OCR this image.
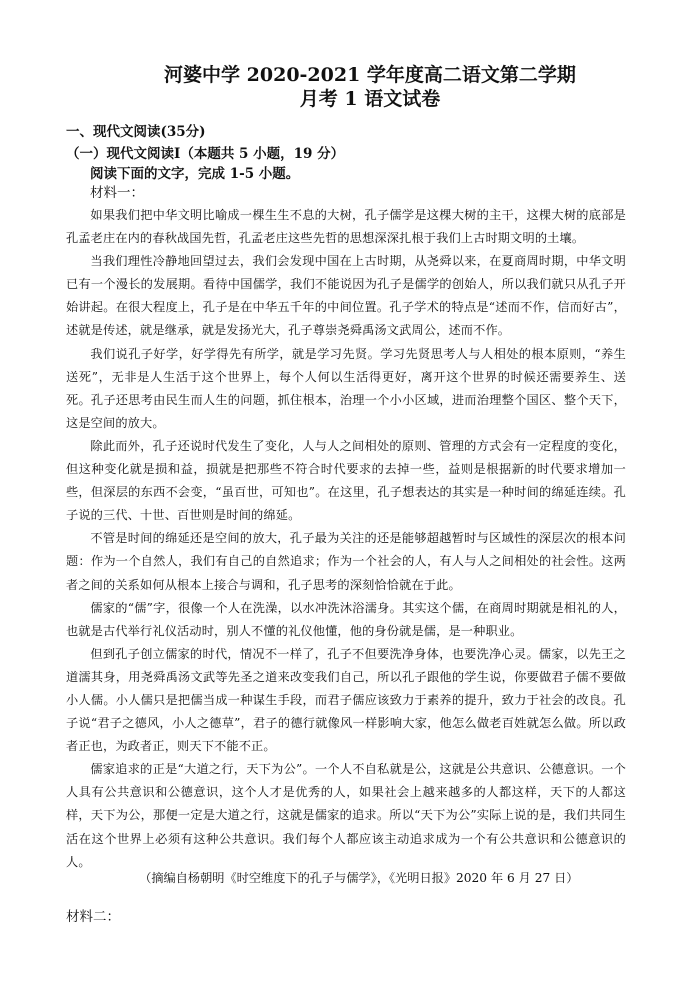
河婆中学 2020-2021 学年度高二语文第二学期
月考 1 语文试卷
一、现代文阅读(35分)
（一）现代文阅读Ⅰ（本题共 5 小题，19 分）
阅读下面的文字，完成 1-5 小题。
材料一：

如果我们把中华文明比喻成一棵生生不息的大树，孔子儒学是这棵大树的主干，这棵大树的底部是孔孟老庄在内的春秋战国先哲，孔孟老庄这些先哲的思想深深扎根于我们上古时期文明的土壤。

当我们理性冷静地回望过去，我们会发现中国在上古时期，从尧舜以来，在夏商周时期，中华文明已有一个漫长的发展期。看待中国儒学，我们不能说因为孔子是儒学的创始人，所以我们就只从孔子开始讲起。在很大程度上，孔子是在中华五千年的中间位置。孔子学术的特点是“述而不作，信而好古”，述就是传述，就是继承，就是发扬光大，孔子尊崇尧舜禹汤文武周公，述而不作。

我们说孔子好学，好学得先有所学，就是学习先贤。学习先贤思考人与人相处的根本原则，“养生送死”，无非是人生活于这个世界上，每个人何以生活得更好，离开这个世界的时候还需要养生、送死。孔子还思考由民生而人生的问题，抓住根本，治理一个小小区域，进而治理整个国区、整个天下，这是空间的放大。

除此而外，孔子还说时代发生了变化，人与人之间相处的原则、管理的方式会有一定程度的变化，但这种变化就是损和益，损就是把那些不符合时代要求的去掉一些，益则是根据新的时代要求增加一些，但深层的东西不会变，“虽百世，可知也”。在这里，孔子想表达的其实是一种时间的绵延连续。孔子说的三代、十世、百世则是时间的绵延。

不管是时间的绵延还是空间的放大，孔子最为关注的还是能够超越暂时与区域性的深层次的根本问题：作为一个自然人，我们有自己的自然追求；作为一个社会的人，有人与人之间相处的社会性。这两者之间的关系如何从根本上接合与调和，孔子思考的深刻恰恰就在于此。

儒家的“儒”字，很像一个人在洗澡，以水冲洗沐浴濡身。其实这个儒，在商周时期就是相礼的人，也就是古代举行礼仪活动时，别人不懂的礼仪他懂，他的身份就是儒，是一种职业。

但到孔子创立儒家的时代，情况不一样了，孔子不但要洗净身体，也要洗净心灵。儒家，以先王之道濡其身，用尧舜禹汤文武等先圣之道来改变我们自己，所以孔子跟他的学生说，你要做君子儒不要做小人儒。小人儒只是把儒当成一种谋生手段，而君子儒应该致力于素养的提升，致力于社会的改良。孔子说“君子之德风，小人之德草”，君子的德行就像风一样影响大家，他怎么做老百姓就怎么做。所以政者正也，为政者正，则天下不能不正。

儒家追求的正是“大道之行，天下为公”。一个人不自私就是公，这就是公共意识、公德意识。一个人具有公共意识和公德意识，这个人才是优秀的人，如果社会上越来越多的人都这样，天下的人都这样，天下为公，那便一定是大道之行，这就是儒家的追求。所以“天下为公”实际上说的是，我们共同生活在这个世界上必须有这种公共意识。我们每个人都应该主动追求成为一个有公共意识和公德意识的人。

（摘编自杨朝明《时空维度下的孔子与儒学》，《光明日报》2020 年 6 月 27 日）
材料二：
